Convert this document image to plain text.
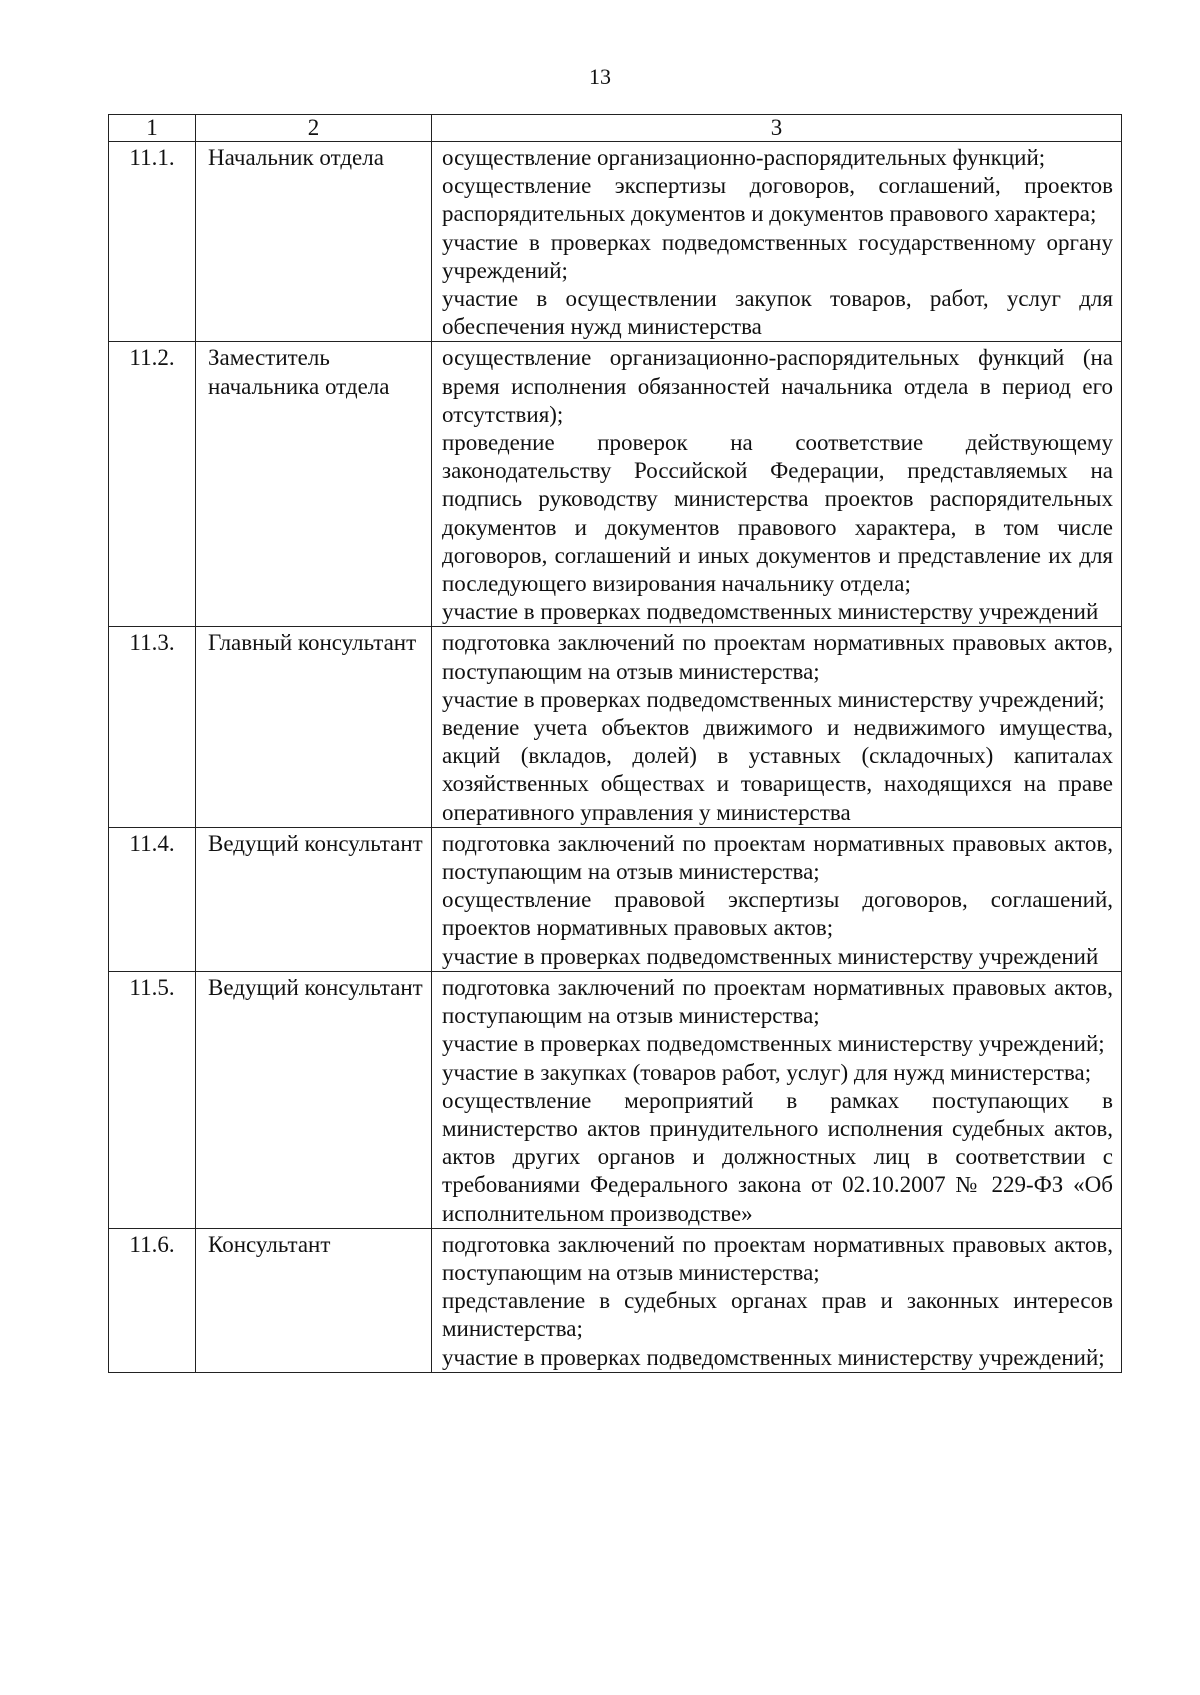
13
1	2	3
11.1.	Начальник отдела	осуществление организационно-распорядительных функций;
осуществление экспертизы договоров, соглашений, проектов распорядительных документов и документов правового характера;
участие в проверках подведомственных государственному органу учреждений;
участие в осуществлении закупок товаров, работ, услуг для обеспечения нужд министерства

11.2.	Заместитель начальника отдела	осуществление организационно-распорядительных функций (на время исполнения обязанностей начальника отдела в период его отсутствия);
проведение проверок на соответствие действующему законодательству Российской Федерации, представляемых на подпись руководству министерства проектов распорядительных документов и документов правового характера, в том числе договоров, соглашений и иных документов и представление их для последующего визирования начальнику отдела;
участие в проверках подведомственных министерству учреждений

11.3.	Главный консультант	подготовка заключений по проектам нормативных правовых актов, поступающим на отзыв министерства;
участие в проверках подведомственных министерству учреждений;
ведение учета объектов движимого и недвижимого имущества, акций (вкладов, долей) в уставных (складочных) капиталах хозяйственных обществах и товариществ, находящихся на праве оперативного управления у министерства

11.4.	Ведущий консультант	подготовка заключений по проектам нормативных правовых актов, поступающим на отзыв министерства;
осуществление правовой экспертизы договоров, соглашений, проектов нормативных правовых актов;
участие в проверках подведомственных министерству учреждений

11.5.	Ведущий консультант	подготовка заключений по проектам нормативных правовых актов, поступающим на отзыв министерства;
участие в проверках подведомственных министерству учреждений;
участие в закупках (товаров работ, услуг) для нужд министерства;
осуществление мероприятий в рамках поступающих в министерство актов принудительного исполнения судебных актов, актов других органов и должностных лиц в соответствии с требованиями Федерального закона от 02.10.2007 № 229-ФЗ «Об исполнительном производстве»

11.6.	Консультант	подготовка заключений по проектам нормативных правовых актов, поступающим на отзыв министерства;
представление в судебных органах прав и законных интересов министерства;
участие в проверках подведомственных министерству учреждений;
